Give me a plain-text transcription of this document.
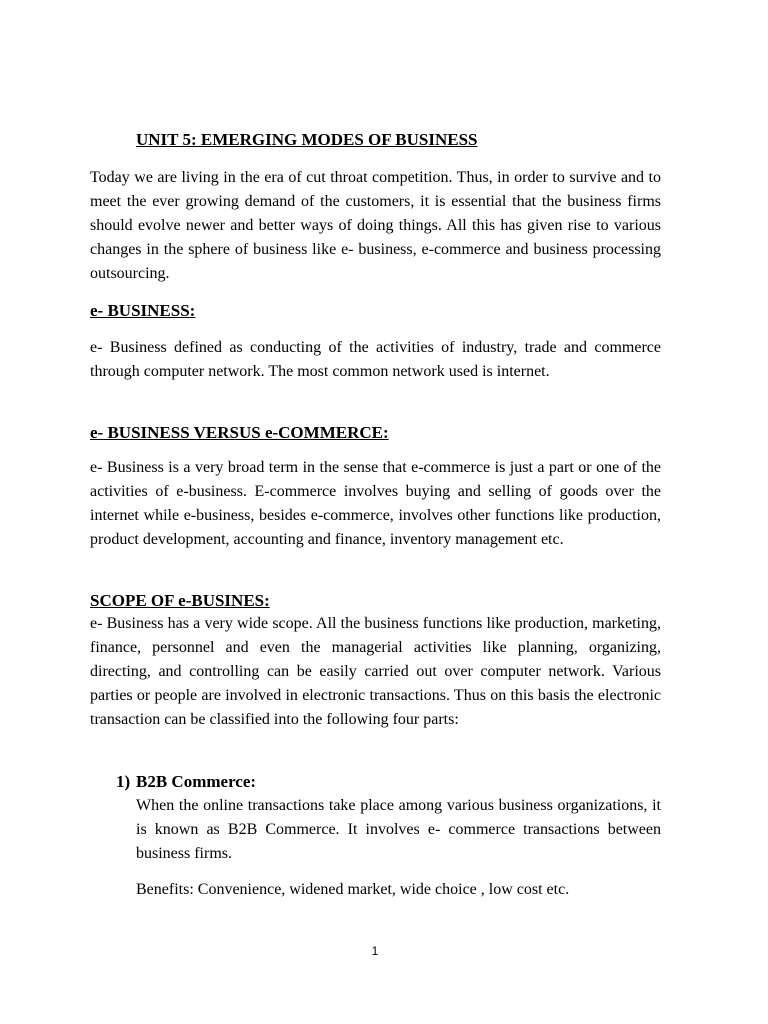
UNIT 5: EMERGING MODES OF BUSINESS
Today we are living in the era of cut throat competition. Thus, in order to survive and to meet the ever growing demand of the customers, it is essential that the business firms should evolve newer and better ways of doing things. All this has given rise to various changes in the sphere of business like e- business, e-commerce and business processing outsourcing.
e- BUSINESS:
e- Business defined as conducting of the activities of industry, trade and commerce through computer network. The most common network used is internet.
e- BUSINESS VERSUS e-COMMERCE:
e- Business is a very broad term in the sense that e-commerce is just a part or one of the activities of e-business. E-commerce involves buying and selling of goods over the internet while e-business, besides e-commerce, involves other functions like production, product development, accounting and finance, inventory management etc.
SCOPE OF e-BUSINES:
e- Business has a very wide scope. All the business functions like production, marketing, finance, personnel and even the managerial activities like planning, organizing, directing, and controlling can be easily carried out over computer network. Various parties or people are involved in electronic transactions. Thus on this basis the electronic transaction can be classified into the following four parts:
1) B2B Commerce:
When the online transactions take place among various business organizations, it is known as B2B Commerce. It involves e- commerce transactions between business firms.
Benefits: Convenience, widened market, wide choice , low cost etc.
1
